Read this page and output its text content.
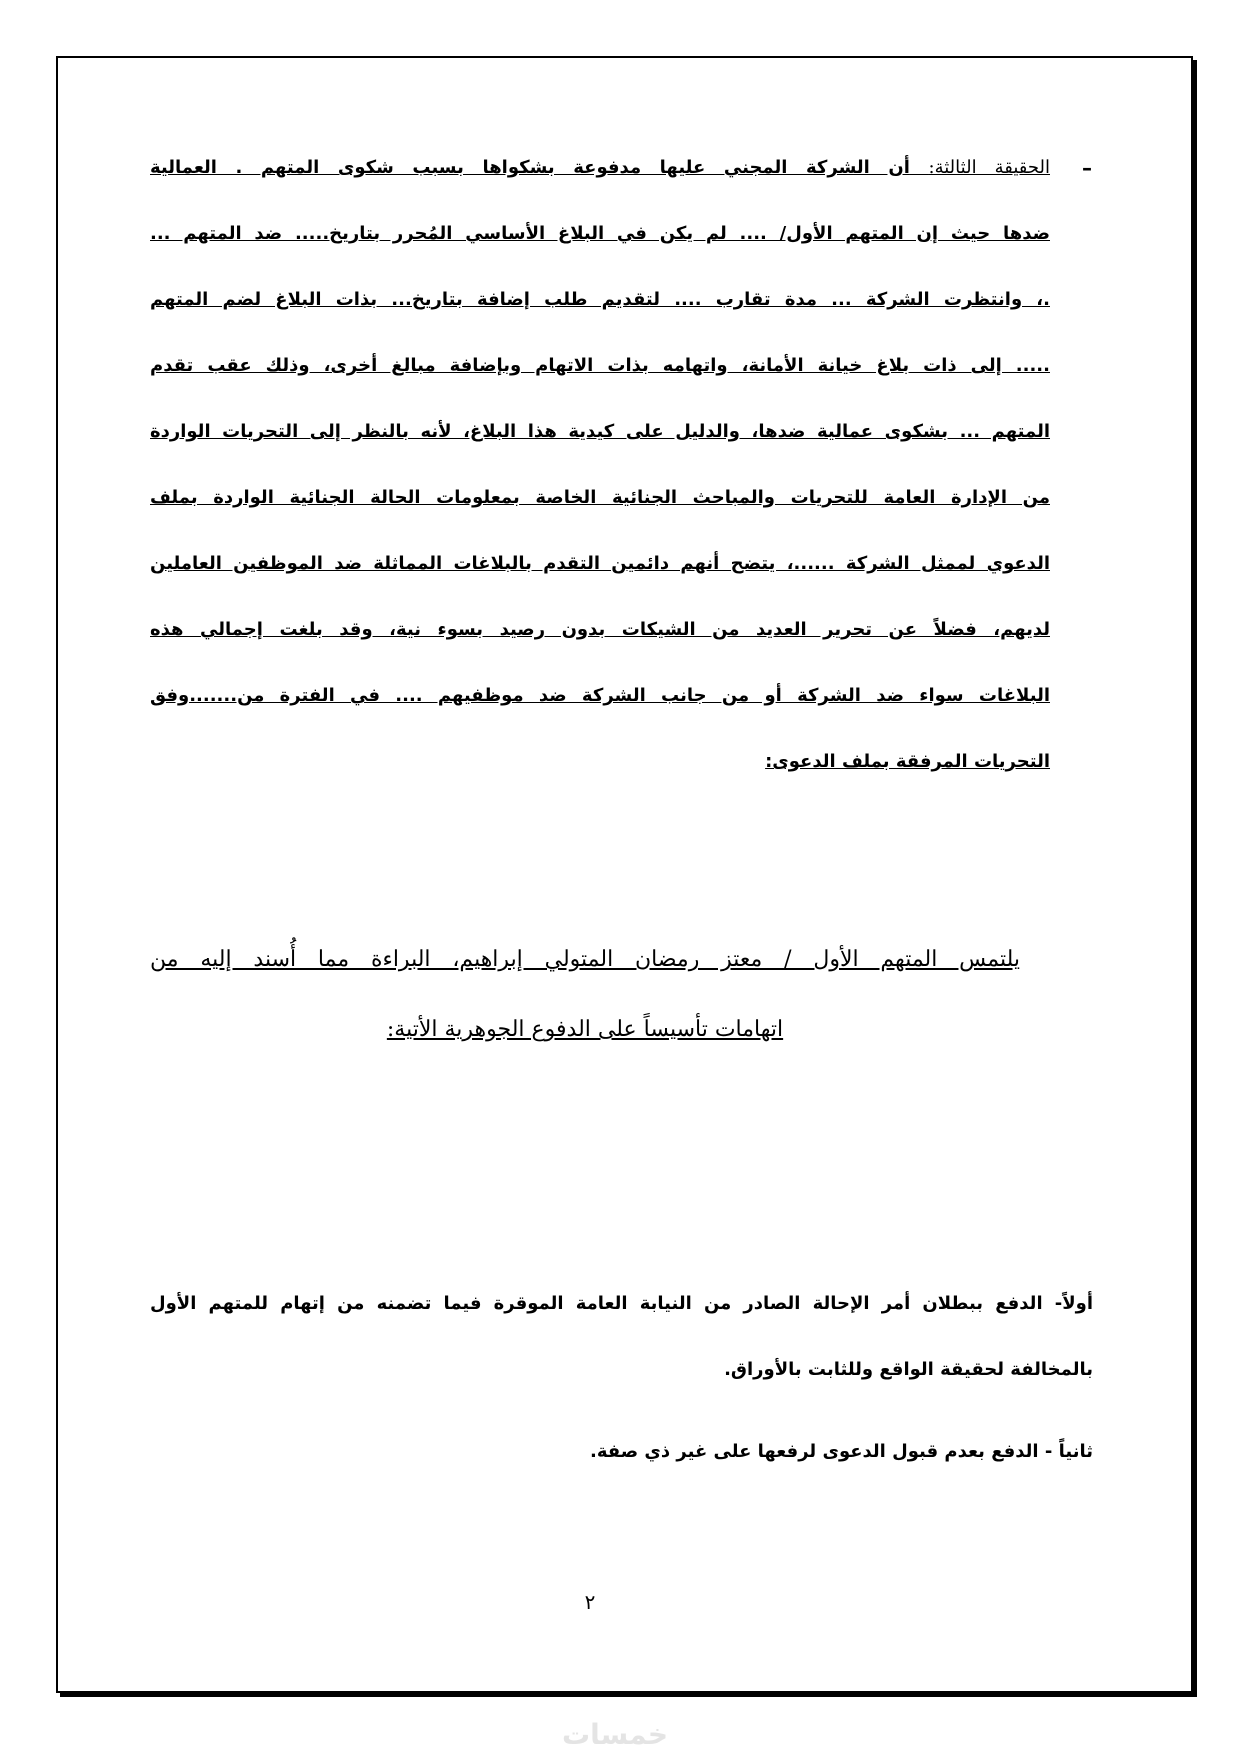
–
الحقيقة الثالثة: أن الشركة المجني عليها مدفوعة بشكواها بسبب شكوى المتهم . العمالية
ضدها حيث إن المتهم الأول/ .... لم يكن في البلاغ الأساسي المُحرر بتاريخ..... ضد المتهم ...
.، وانتظرت الشركة ... مدة تقارب .... لتقديم طلب إضافة بتاريخ... بذات البلاغ لضم المتهم
..... إلى ذات بلاغ خيانة الأمانة، واتهامه بذات الاتهام وبإضافة مبالغ أخرى، وذلك عقب تقدم
المتهم ... بشكوى عمالية ضدها، والدليل على كيدية هذا البلاغ، لأنه بالنظر إلى التحريات الواردة
من الإدارة العامة للتحريات والمباحث الجنائية الخاصة بمعلومات الحالة الجنائية الواردة بملف
الدعوي لممثل الشركة ......، يتضح أنهم دائمين التقدم بالبلاغات المماثلة ضد الموظفين العاملين
لديهم، فضلاً عن تحرير العديد من الشيكات بدون رصيد بسوء نية، وقد بلغت إجمالي هذه
البلاغات سواء ضد الشركة أو من جانب الشركة ضد موظفيهم .... في الفترة من.......وفق
التحريات المرفقة بملف الدعوى:
يلتمس المتهم الأول / معتز رمضان المتولي إبراهيم، البراءة مما أُسند إليه من
اتهامات تأسيساً على الدفوع الجوهرية الأتية:
أولاً- الدفع ببطلان أمر الإحالة الصادر من النيابة العامة الموقرة فيما تضمنه من إتهام للمتهم الأول
بالمخالفة لحقيقة الواقع وللثابت بالأوراق.
ثانياً - الدفع بعدم قبول الدعوى لرفعها على غير ذي صفة.
٢
خمسات
